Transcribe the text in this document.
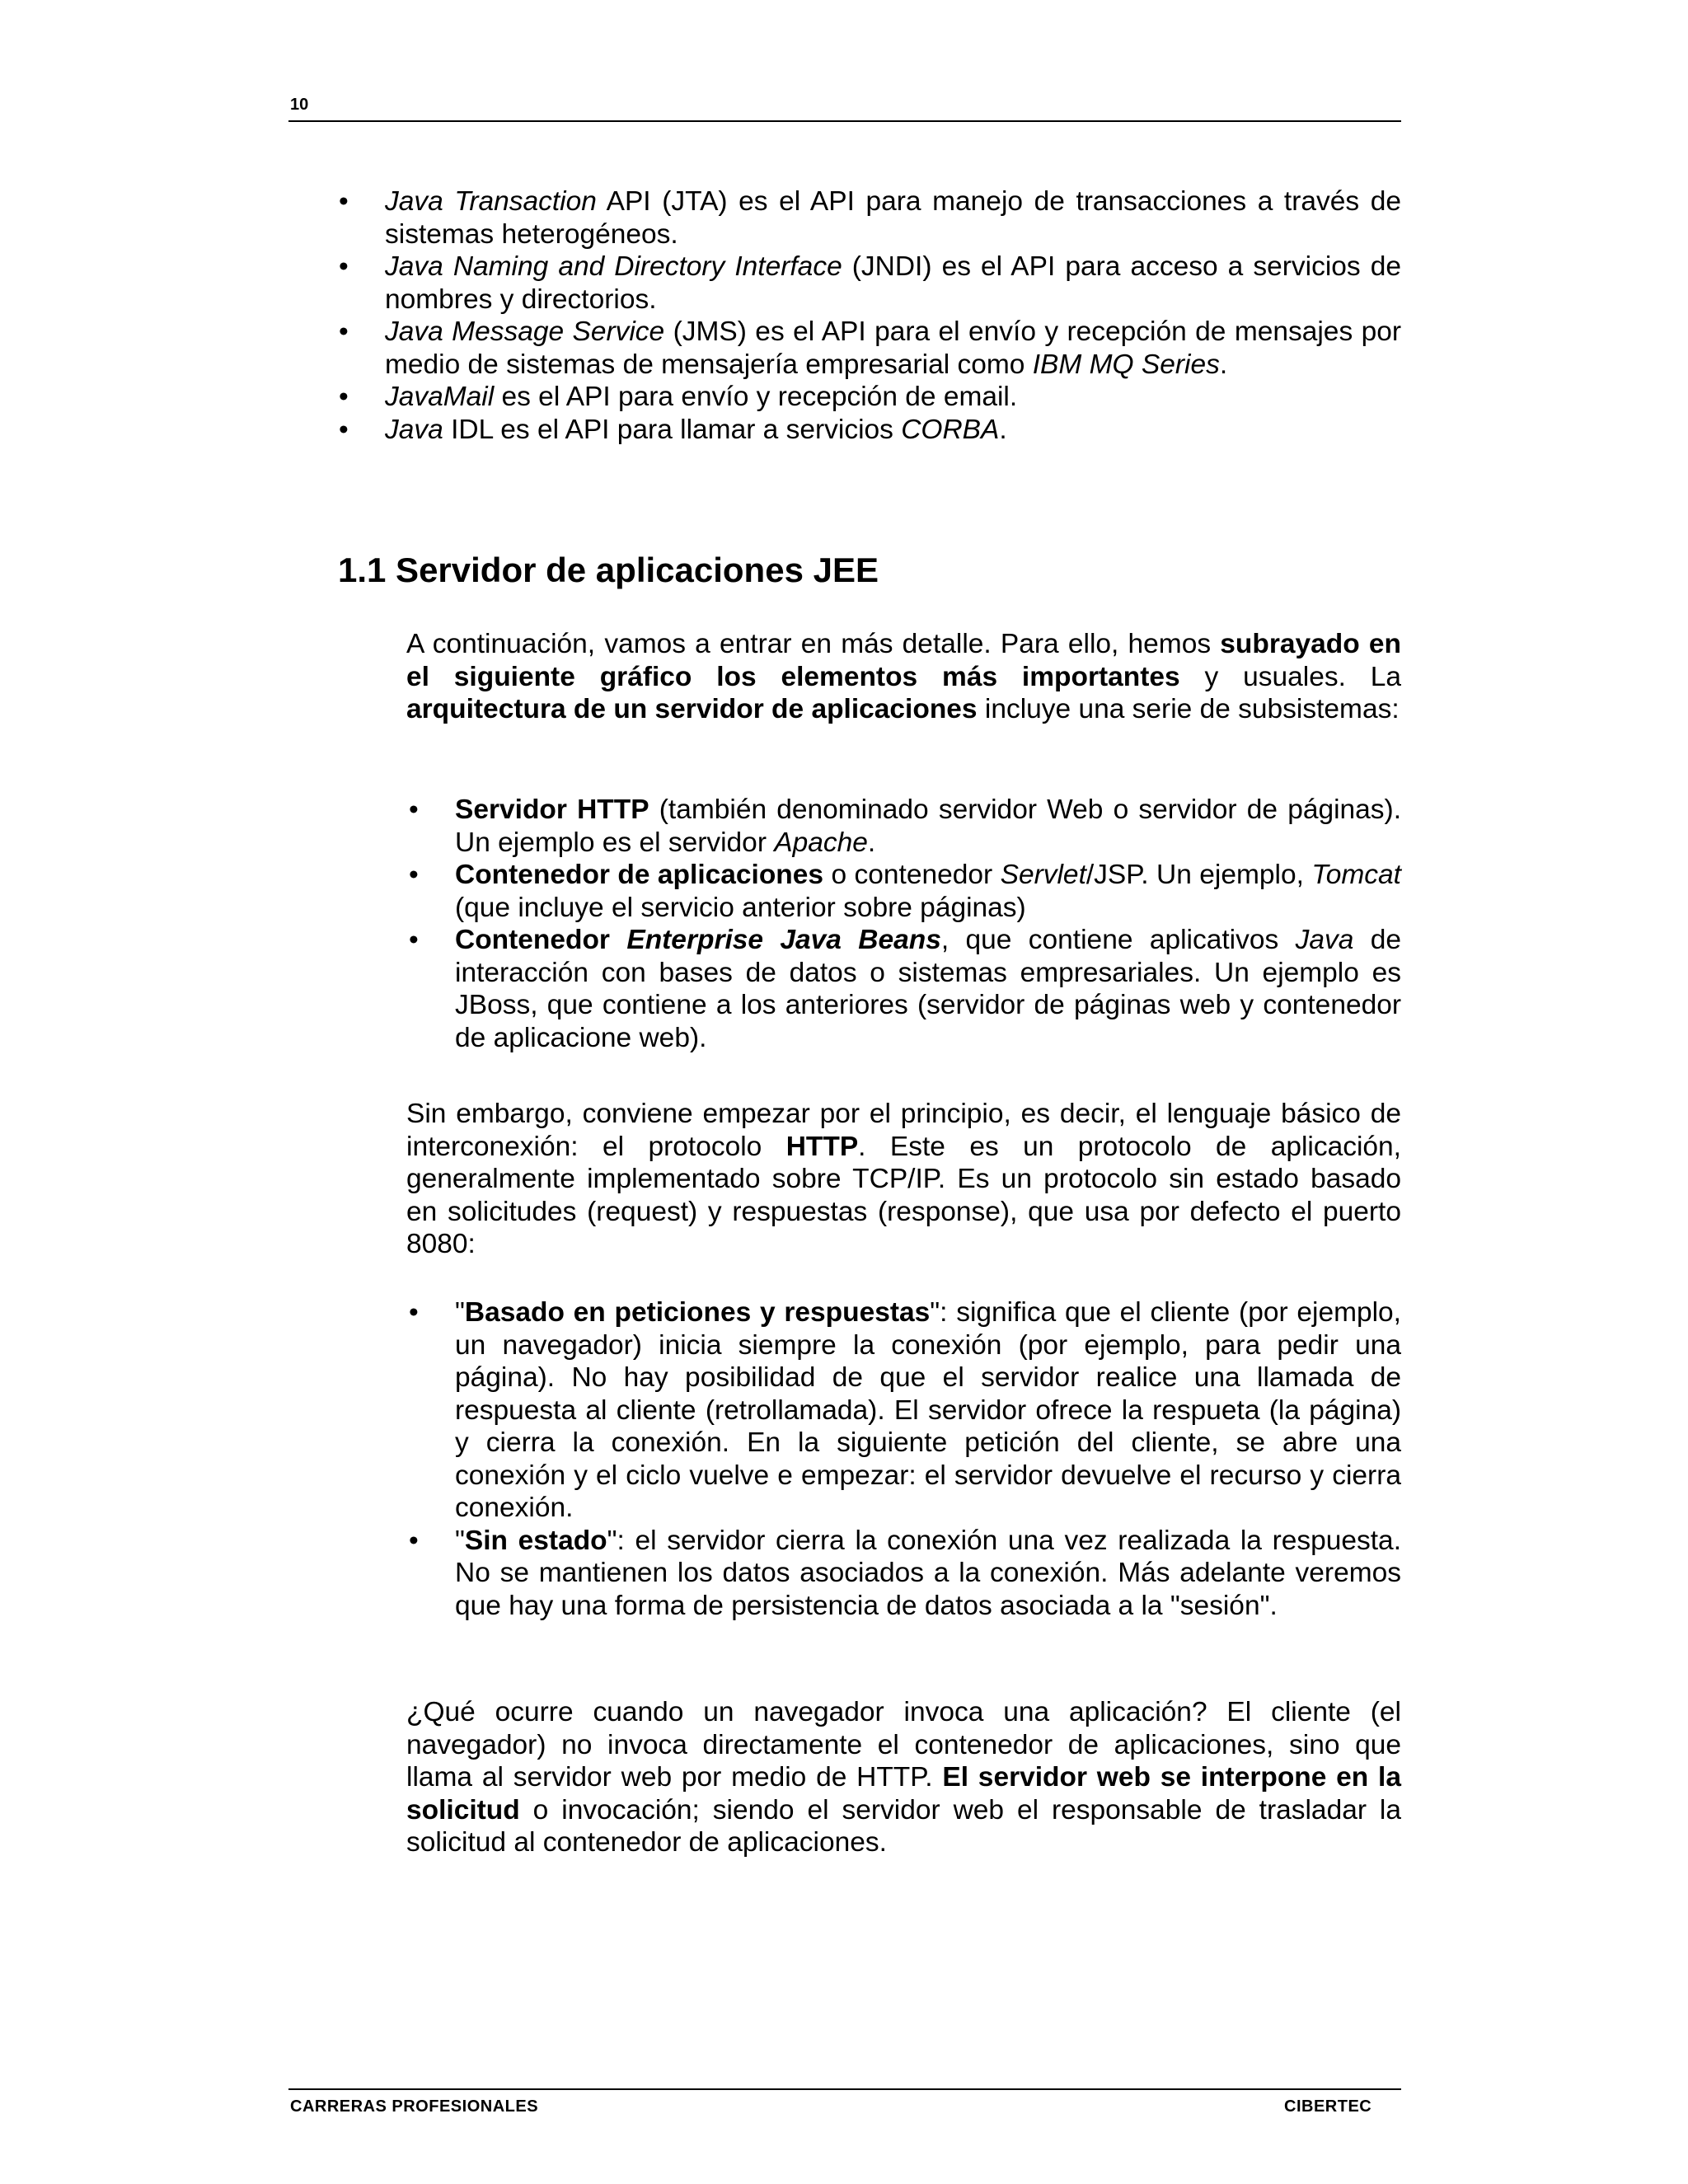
10
• Java Transaction API (JTA) es el API para manejo de transacciones a través de sistemas heterogéneos.
• Java Naming and Directory Interface (JNDI) es el API para acceso a servicios de nombres y directorios.
• Java Message Service (JMS) es el API para el envío y recepción de mensajes por medio de sistemas de mensajería empresarial como IBM MQ Series.
• JavaMail es el API para envío y recepción de email.
• Java IDL es el API para llamar a servicios CORBA.
1.1 Servidor de aplicaciones JEE

A continuación, vamos a entrar en más detalle. Para ello, hemos subrayado en el siguiente gráfico los elementos más importantes y usuales. La arquitectura de un servidor de aplicaciones incluye una serie de subsistemas:

• Servidor HTTP (también denominado servidor Web o servidor de páginas). Un ejemplo es el servidor Apache.
• Contenedor de aplicaciones o contenedor Servlet/JSP. Un ejemplo, Tomcat (que incluye el servicio anterior sobre páginas)
• Contenedor Enterprise Java Beans, que contiene aplicativos Java de interacción con bases de datos o sistemas empresariales. Un ejemplo es JBoss, que contiene a los anteriores (servidor de páginas web y contenedor de aplicacione web).

Sin embargo, conviene empezar por el principio, es decir, el lenguaje básico de interconexión: el protocolo HTTP. Este es un protocolo de aplicación, generalmente implementado sobre TCP/IP. Es un protocolo sin estado basado en solicitudes (request) y respuestas (response), que usa por defecto el puerto 8080:

• "Basado en peticiones y respuestas": significa que el cliente (por ejemplo, un navegador) inicia siempre la conexión (por ejemplo, para pedir una página). No hay posibilidad de que el servidor realice una llamada de respuesta al cliente (retrollamada). El servidor ofrece la respueta (la página) y cierra la conexión. En la siguiente petición del cliente, se abre una conexión y el ciclo vuelve e empezar: el servidor devuelve el recurso y cierra conexión.
• "Sin estado": el servidor cierra la conexión una vez realizada la respuesta. No se mantienen los datos asociados a la conexión. Más adelante veremos que hay una forma de persistencia de datos asociada a la "sesión".

¿Qué ocurre cuando un navegador invoca una aplicación? El cliente (el navegador) no invoca directamente el contenedor de aplicaciones, sino que llama al servidor web por medio de HTTP. El servidor web se interpone en la solicitud o invocación; siendo el servidor web el responsable de trasladar la solicitud al contenedor de aplicaciones.

CARRERAS PROFESIONALES	CIBERTEC
